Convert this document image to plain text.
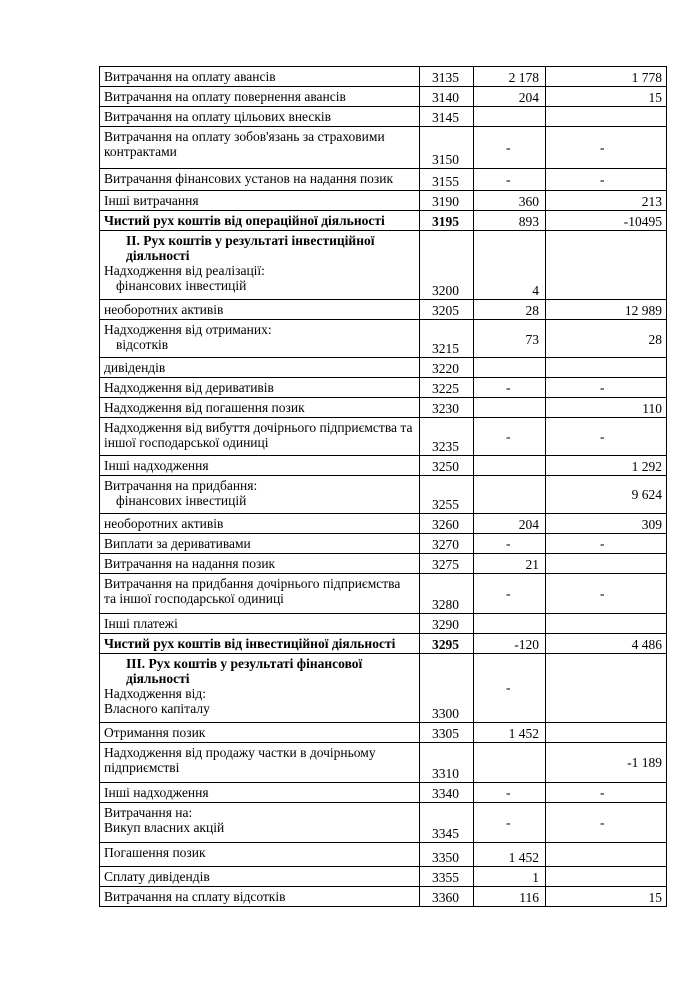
Витрачання на оплату авансів	3135	2 178	1 778
Витрачання на оплату повернення авансів	3140	204	15
Витрачання на оплату цільових внесків	3145		
Витрачання на оплату зобов'язань за страховими контрактами	3150	-	-
Витрачання фінансових установ на надання позик	3155	-	-
Інші витрачання	3190	360	213
Чистий рух коштів від операційної діяльності	3195	893	-10495

ІІ. Рух коштів у результаті інвестиційної діяльності
Надходження від реалізації:
фінансових інвестицій	3200	4	
необоротних активів	3205	28	12 989

Надходження від отриманих:
відсотків	3215	73	28
дивідендів	3220		
Надходження від деривативів	3225	-	-
Надходження від погашення позик	3230		110
Надходження від вибуття дочірнього підприємства та іншої господарської одиниці	3235	-	-
Інші надходження	3250		1 292

Витрачання на придбання:
фінансових інвестицій	3255		9 624
необоротних активів	3260	204	309
Виплати за деривативами	3270	-	-
Витрачання на надання позик	3275	21	
Витрачання на придбання дочірнього підприємства та іншої господарської одиниці	3280	-	-
Інші платежі	3290		
Чистий рух коштів від інвестиційної діяльності	3295	-120	4 486

ІІІ. Рух коштів у результаті фінансової діяльності
Надходження від:
Власного капіталу	3300	-	
Отримання позик	3305	1 452	
Надходження від продажу частки в дочірньому підприємстві	3310		-1 189
Інші надходження	3340	-	-

Витрачання на:
Викуп власних акцій	3345	-	-
Погашення позик	3350	1 452	
Сплату дивідендів	3355	1	
Витрачання на сплату відсотків	3360	116	15
